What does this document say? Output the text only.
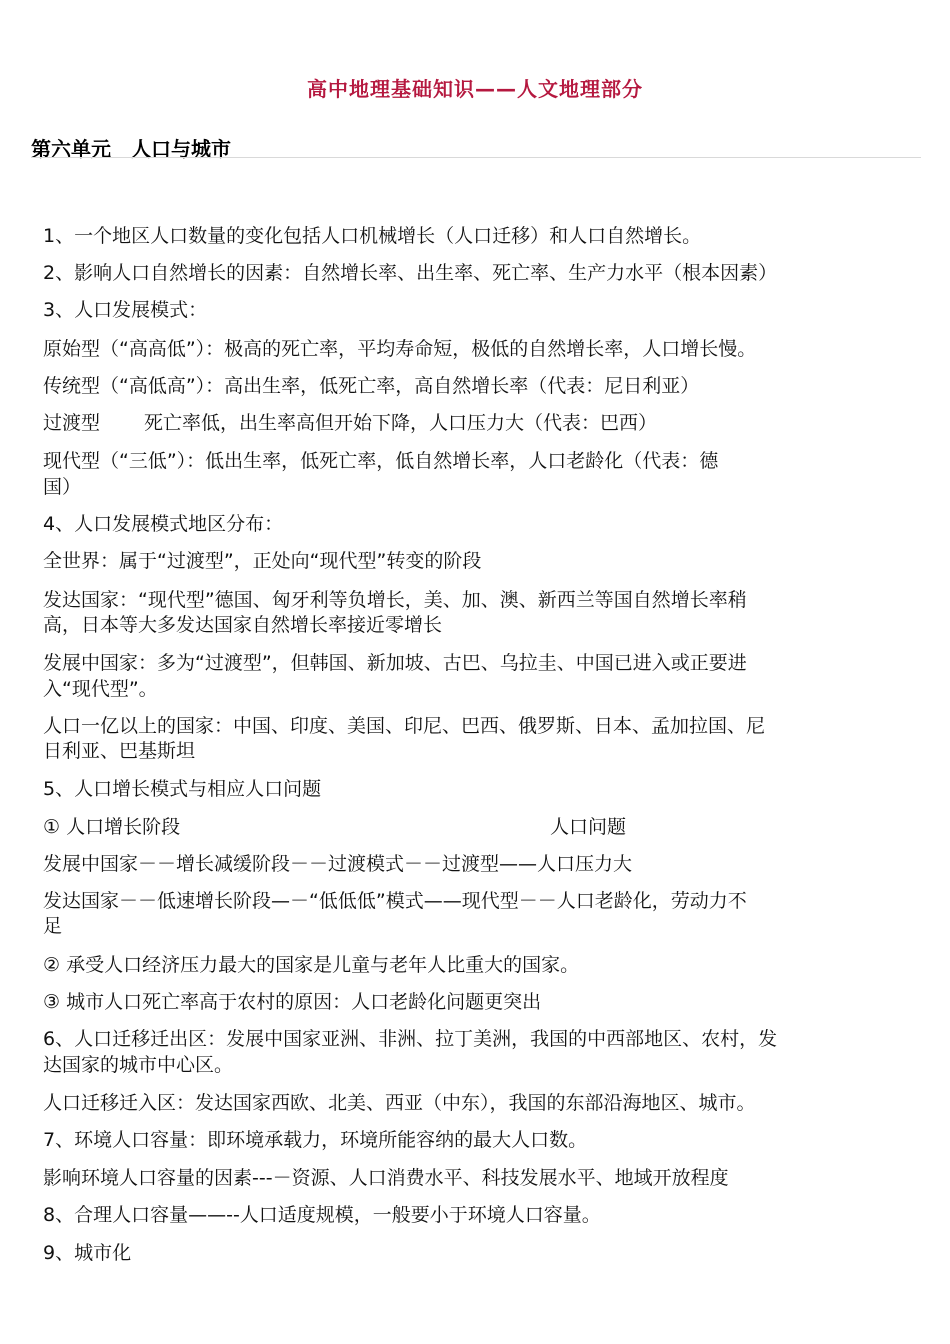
高中地理基础知识——人文地理部分
第六单元　人口与城市
1、一个地区人口数量的变化包括人口机械增长（人口迁移）和人口自然增长。
2、影响人口自然增长的因素：自然增长率、出生率、死亡率、生产力水平（根本因素）
3、人口发展模式：
原始型（“高高低”）：极高的死亡率，平均寿命短，极低的自然增长率，人口增长慢。
传统型（“高低高”）：高出生率，低死亡率，高自然增长率（代表：尼日利亚）
过渡型　　 死亡率低，出生率高但开始下降，人口压力大（代表：巴西）
现代型（“三低”）：低出生率，低死亡率，低自然增长率，人口老龄化（代表：德
国）
4、人口发展模式地区分布：
全世界：属于“过渡型”，正处向“现代型”转变的阶段
发达国家：“现代型”德国、匈牙利等负增长，美、加、澳、新西兰等国自然增长率稍
高，日本等大多发达国家自然增长率接近零增长
发展中国家：多为“过渡型”，但韩国、新加坡、古巴、乌拉圭、中国已进入或正要进
入“现代型”。
人口一亿以上的国家：中国、印度、美国、印尼、巴西、俄罗斯、日本、孟加拉国、尼
日利亚、巴基斯坦
5、人口增长模式与相应人口问题
① 人口增长阶段	人口问题
发展中国家－－增长减缓阶段－－过渡模式－－过渡型——人口压力大
发达国家－－低速增长阶段—－“低低低”模式——现代型－－人口老龄化，劳动力不
足
② 承受人口经济压力最大的国家是儿童与老年人比重大的国家。
③ 城市人口死亡率高于农村的原因：人口老龄化问题更突出
6、人口迁移迁出区：发展中国家亚洲、非洲、拉丁美洲，我国的中西部地区、农村，发
达国家的城市中心区。
人口迁移迁入区：发达国家西欧、北美、西亚（中东），我国的东部沿海地区、城市。
7、环境人口容量：即环境承载力，环境所能容纳的最大人口数。
影响环境人口容量的因素---－资源、人口消费水平、科技发展水平、地域开放程度
8、合理人口容量——--人口适度规模，一般要小于环境人口容量。
9、城市化
